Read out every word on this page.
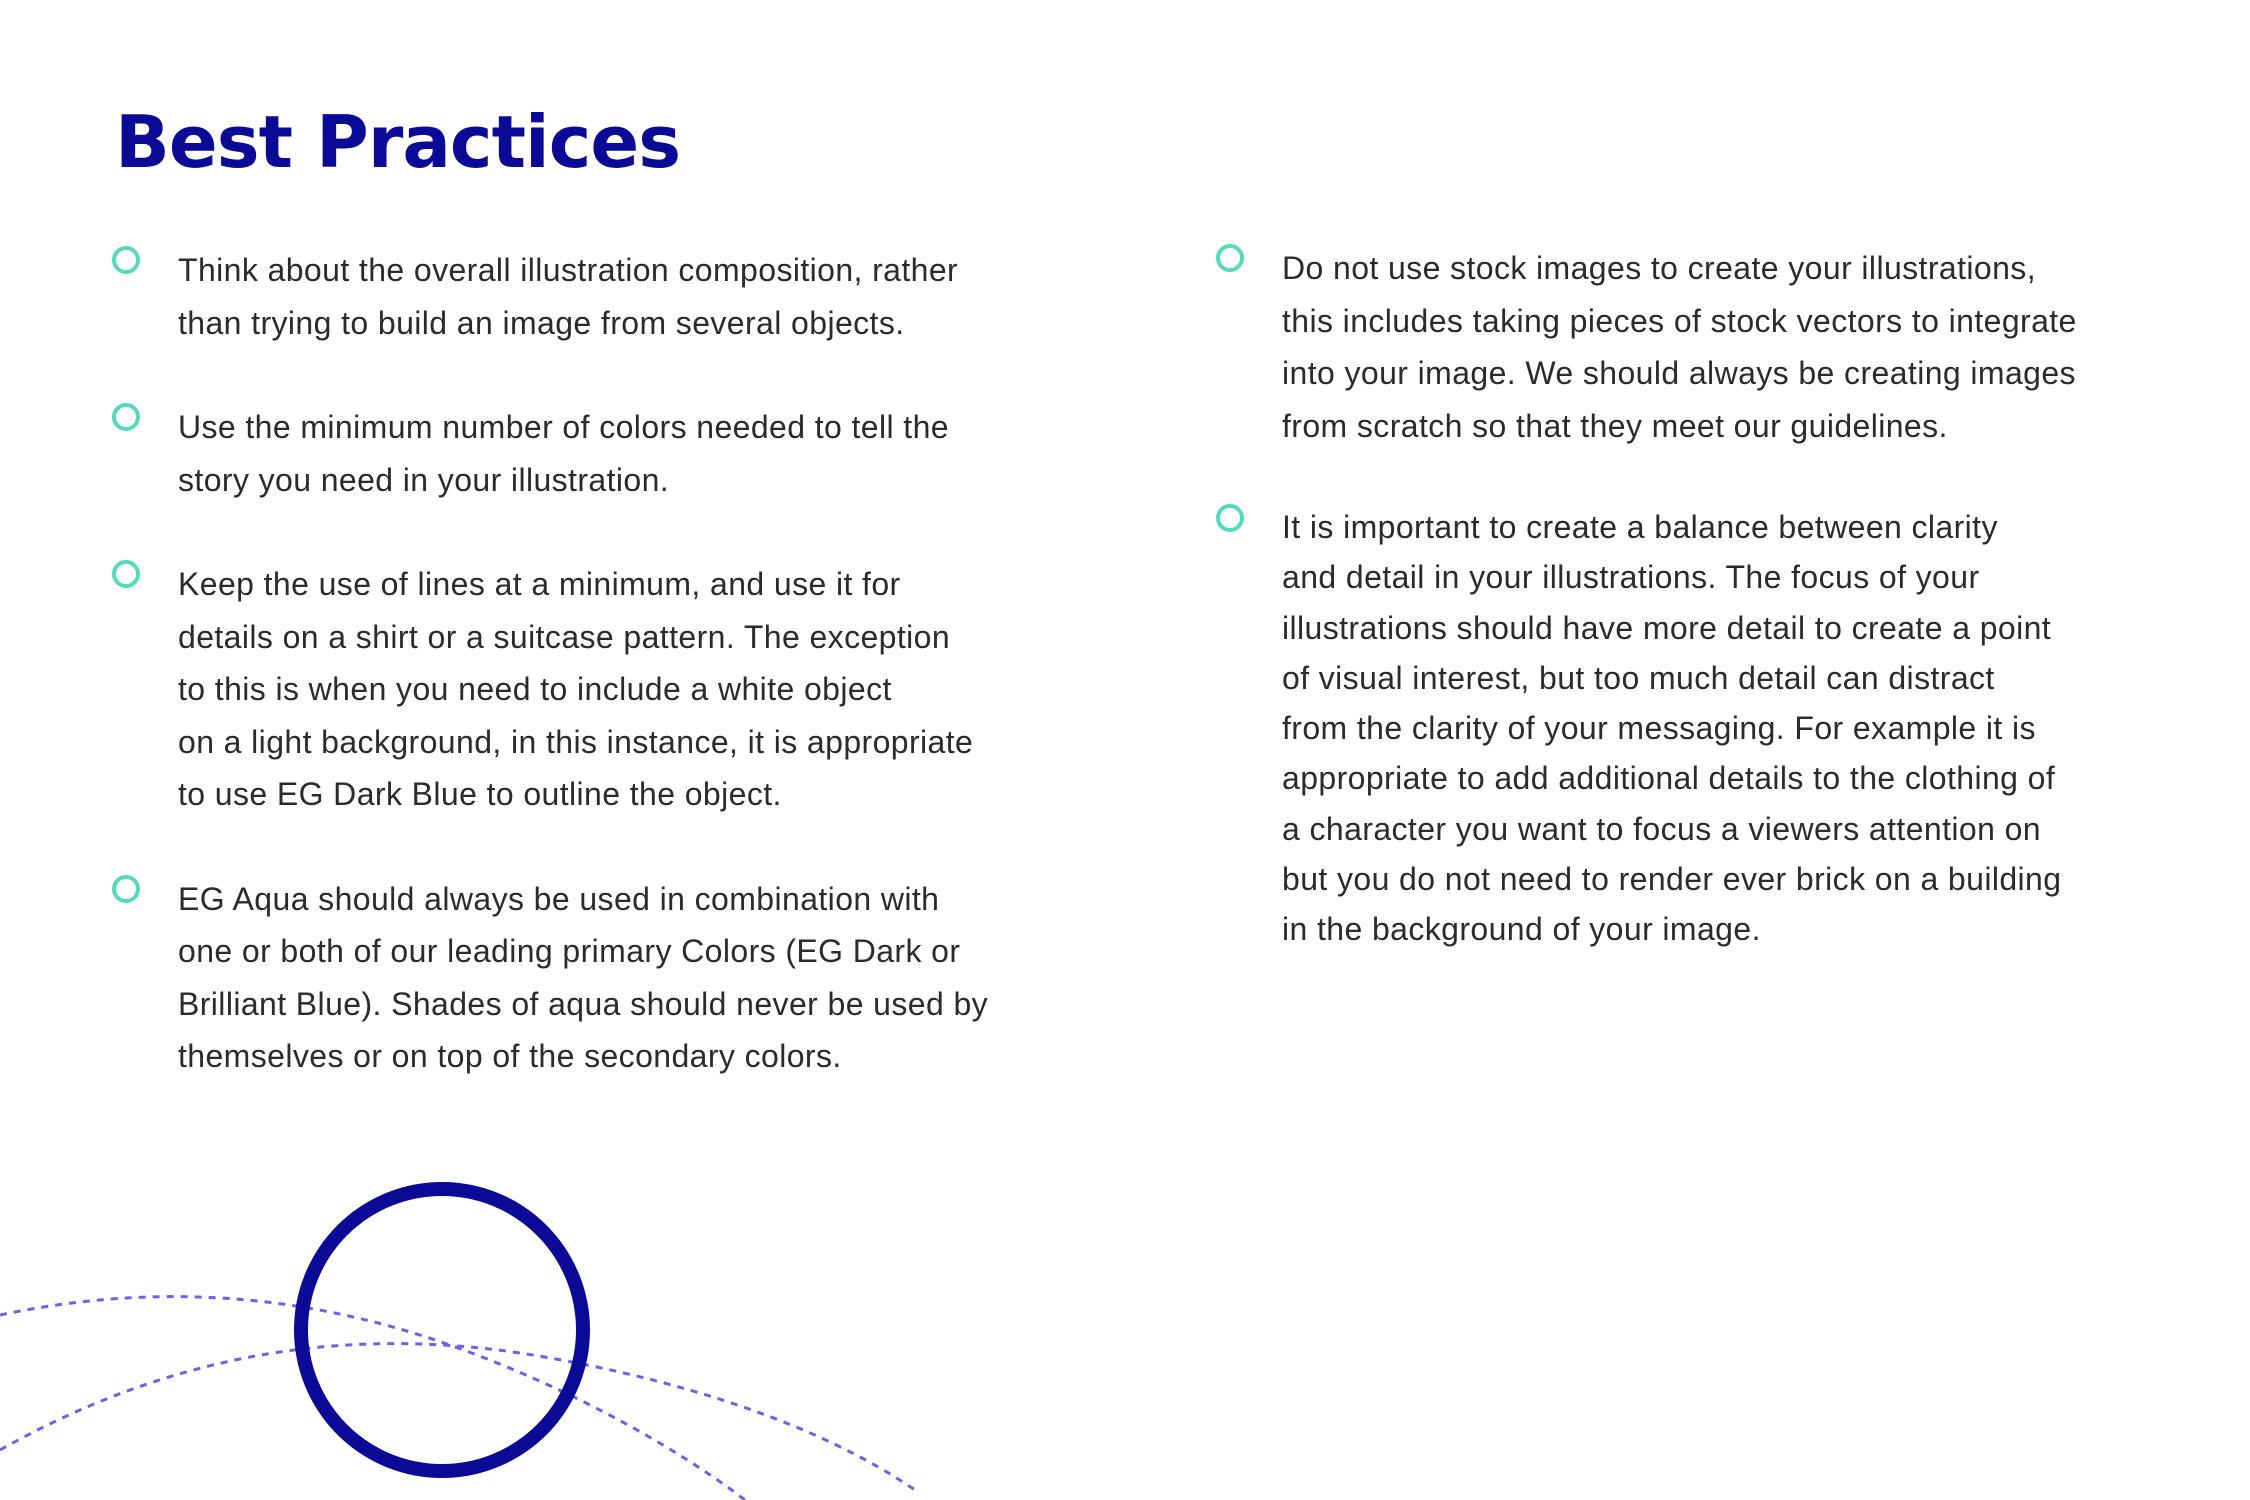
Best Practices
Think about the overall illustration composition, rather
than trying to build an image from several objects.
Use the minimum number of colors needed to tell the
story you need in your illustration.
Keep the use of lines at a minimum, and use it for
details on a shirt or a suitcase pattern. The exception
to this is when you need to include a white object
on a light background, in this instance, it is appropriate
to use EG Dark Blue to outline the object.
EG Aqua should always be used in combination with
one or both of our leading primary Colors (EG Dark or
Brilliant Blue). Shades of aqua should never be used by
themselves or on top of the secondary colors.
Do not use stock images to create your illustrations,
this includes taking pieces of stock vectors to integrate
into your image. We should always be creating images
from scratch so that they meet our guidelines.
It is important to create a balance between clarity
and detail in your illustrations. The focus of your
illustrations should have more detail to create a point
of visual interest, but too much detail can distract
from the clarity of your messaging. For example it is
appropriate to add additional details to the clothing of
a character you want to focus a viewers attention on
but you do not need to render ever brick on a building
in the background of your image.
